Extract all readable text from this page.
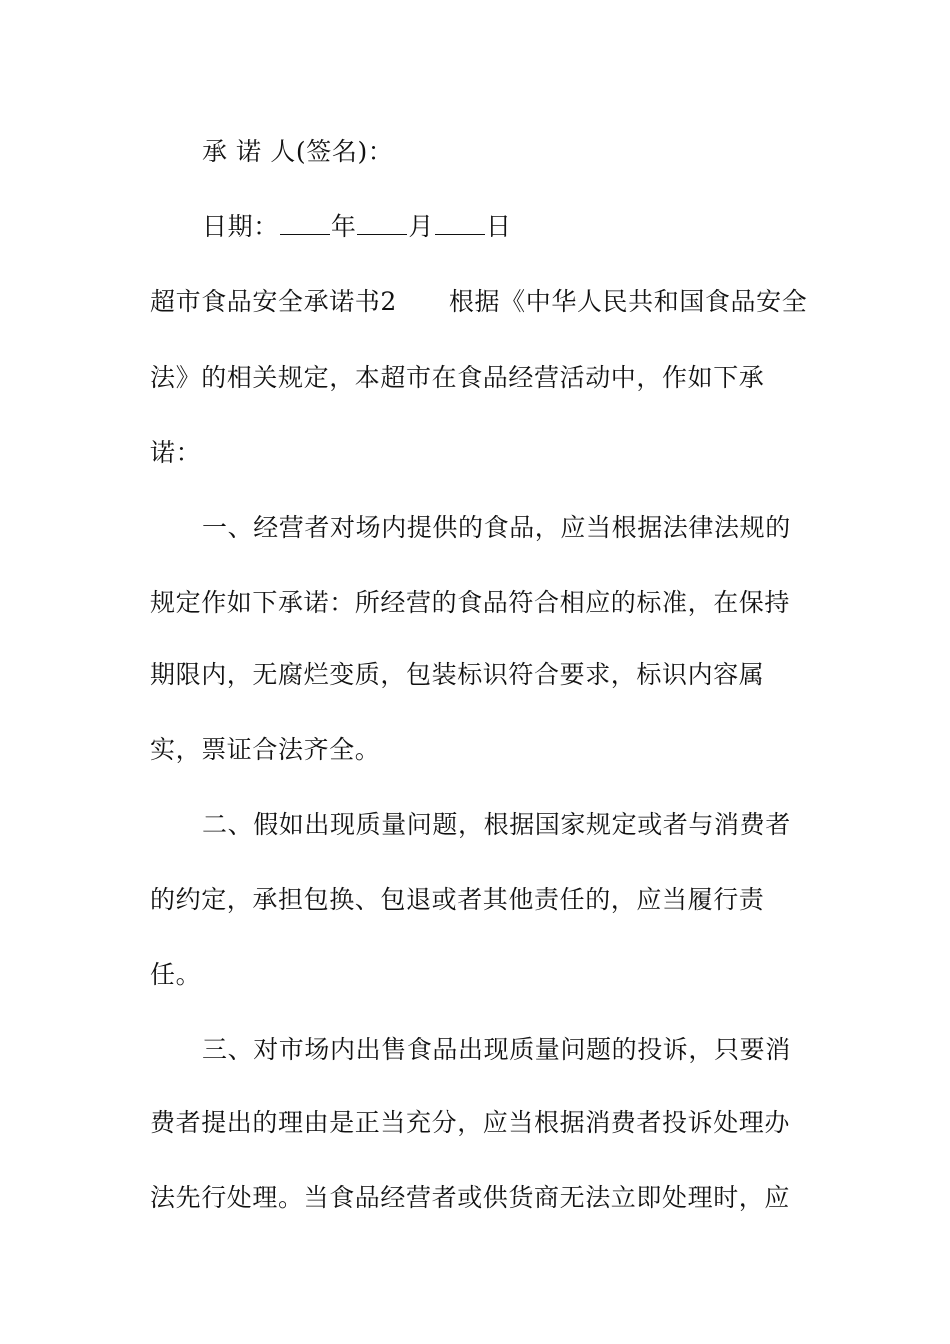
承 诺 人(签名)：
日期： 年 月 日
超市食品安全承诺书2 根据《中华人民共和国食品安全
法》的相关规定，本超市在食品经营活动中，作如下承
诺：
一、经营者对场内提供的食品，应当根据法律法规的
规定作如下承诺：所经营的食品符合相应的标准，在保持
期限内，无腐烂变质，包装标识符合要求，标识内容属
实，票证合法齐全。
二、假如出现质量问题，根据国家规定或者与消费者
的约定，承担包换、包退或者其他责任的，应当履行责
任。
三、对市场内出售食品出现质量问题的投诉，只要消
费者提出的理由是正当充分，应当根据消费者投诉处理办
法先行处理。当食品经营者或供货商无法立即处理时，应
